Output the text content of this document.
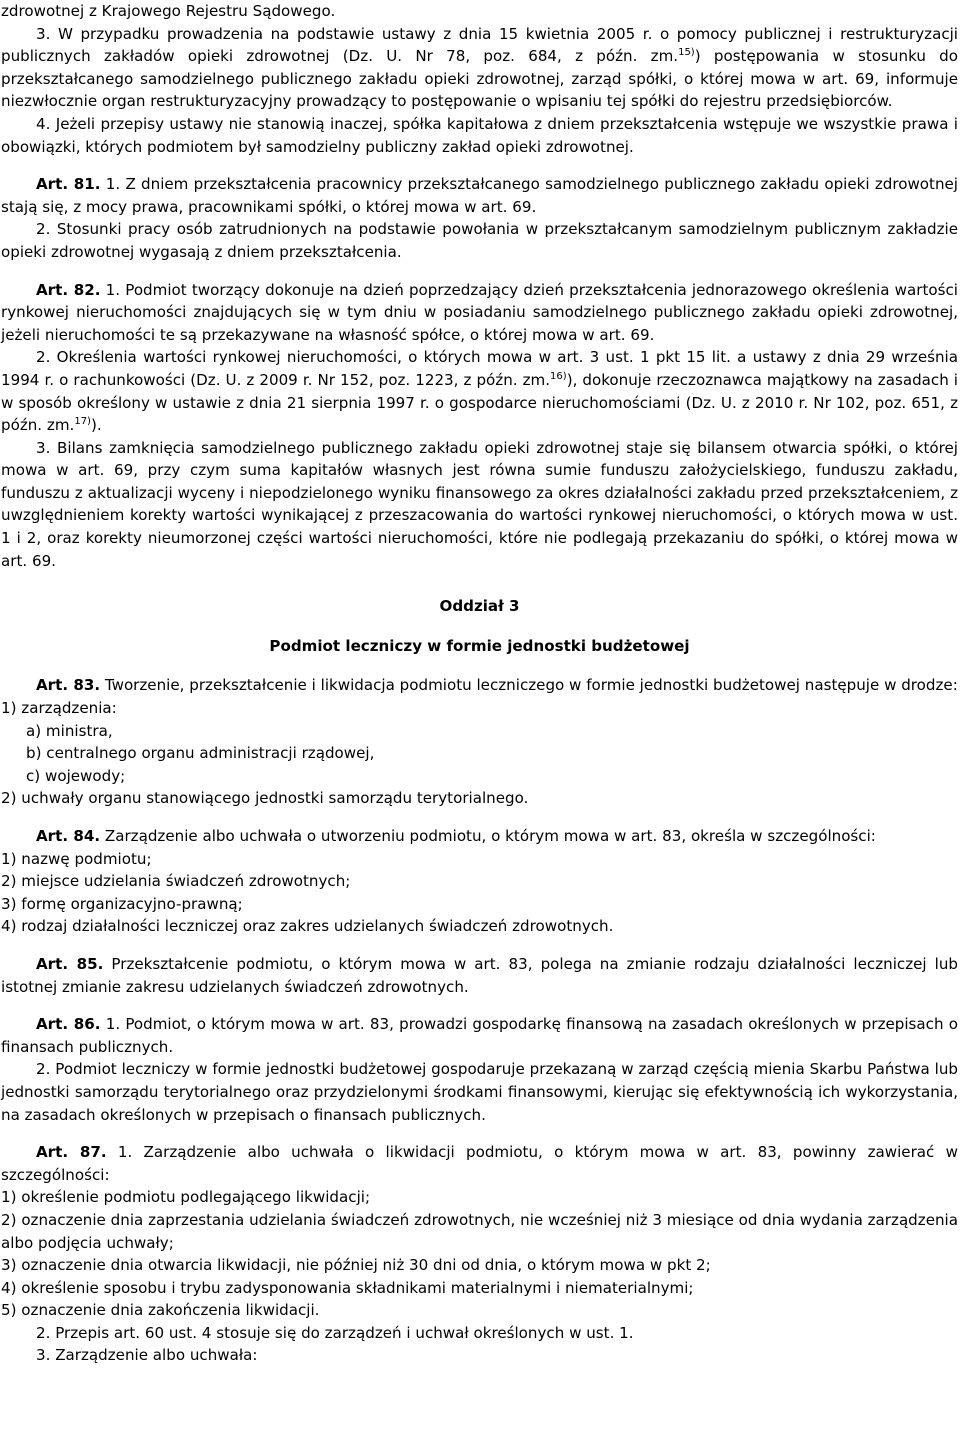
zdrowotnej z Krajowego Rejestru Sądowego.

3. W przypadku prowadzenia na podstawie ustawy z dnia 15 kwietnia 2005 r. o pomocy publicznej i restrukturyzacji publicznych zakładów opieki zdrowotnej (Dz. U. Nr 78, poz. 684, z późn. zm.$^{15)}$) postępowania w stosunku do przekształcanego samodzielnego publicznego zakładu opieki zdrowotnej, zarząd spółki, o której mowa w art. 69, informuje niezwłocznie organ restrukturyzacyjny prowadzący to postępowanie o wpisaniu tej spółki do rejestru przedsiębiorców.

4. Jeżeli przepisy ustawy nie stanowią inaczej, spółka kapitałowa z dniem przekształcenia wstępuje we wszystkie prawa i obowiązki, których podmiotem był samodzielny publiczny zakład opieki zdrowotnej.

Art. 81. 1. Z dniem przekształcenia pracownicy przekształcanego samodzielnego publicznego zakładu opieki zdrowotnej stają się, z mocy prawa, pracownikami spółki, o której mowa w art. 69.

2. Stosunki pracy osób zatrudnionych na podstawie powołania w przekształcanym samodzielnym publicznym zakładzie opieki zdrowotnej wygasają z dniem przekształcenia.

Art. 82. 1. Podmiot tworzący dokonuje na dzień poprzedzający dzień przekształcenia jednorazowego określenia wartości rynkowej nieruchomości znajdujących się w tym dniu w posiadaniu samodzielnego publicznego zakładu opieki zdrowotnej, jeżeli nieruchomości te są przekazywane na własność spółce, o której mowa w art. 69.

2. Określenia wartości rynkowej nieruchomości, o których mowa w art. 3 ust. 1 pkt 15 lit. a ustawy z dnia 29 września 1994 r. o rachunkowości (Dz. U. z 2009 r. Nr 152, poz. 1223, z późn. zm.$^{16)}$), dokonuje rzeczoznawca majątkowy na zasadach i w sposób określony w ustawie z dnia 21 sierpnia 1997 r. o gospodarce nieruchomościami (Dz. U. z 2010 r. Nr 102, poz. 651, z późn. zm.$^{17)}$).

3. Bilans zamknięcia samodzielnego publicznego zakładu opieki zdrowotnej staje się bilansem otwarcia spółki, o której mowa w art. 69, przy czym suma kapitałów własnych jest równa sumie funduszu założycielskiego, funduszu zakładu, funduszu z aktualizacji wyceny i niepodzielonego wyniku finansowego za okres działalności zakładu przed przekształceniem, z uwzględnieniem korekty wartości wynikającej z przeszacowania do wartości rynkowej nieruchomości, o których mowa w ust. 1 i 2, oraz korekty nieumorzonej części wartości nieruchomości, które nie podlegają przekazaniu do spółki, o której mowa w art. 69.

Oddział 3

Podmiot leczniczy w formie jednostki budżetowej

Art. 83. Tworzenie, przekształcenie i likwidacja podmiotu leczniczego w formie jednostki budżetowej następuje w drodze:

1) zarządzenia:

a) ministra,

b) centralnego organu administracji rządowej,

c) wojewody;

2) uchwały organu stanowiącego jednostki samorządu terytorialnego.

Art. 84. Zarządzenie albo uchwała o utworzeniu podmiotu, o którym mowa w art. 83, określa w szczególności:

1) nazwę podmiotu;

2) miejsce udzielania świadczeń zdrowotnych;

3) formę organizacyjno-prawną;

4) rodzaj działalności leczniczej oraz zakres udzielanych świadczeń zdrowotnych.

Art. 85. Przekształcenie podmiotu, o którym mowa w art. 83, polega na zmianie rodzaju działalności leczniczej lub istotnej zmianie zakresu udzielanych świadczeń zdrowotnych.

Art. 86. 1. Podmiot, o którym mowa w art. 83, prowadzi gospodarkę finansową na zasadach określonych w przepisach o finansach publicznych.

2. Podmiot leczniczy w formie jednostki budżetowej gospodaruje przekazaną w zarząd częścią mienia Skarbu Państwa lub jednostki samorządu terytorialnego oraz przydzielonymi środkami finansowymi, kierując się efektywnością ich wykorzystania, na zasadach określonych w przepisach o finansach publicznych.

Art. 87. 1. Zarządzenie albo uchwała o likwidacji podmiotu, o którym mowa w art. 83, powinny zawierać w szczególności:

1) określenie podmiotu podlegającego likwidacji;

2) oznaczenie dnia zaprzestania udzielania świadczeń zdrowotnych, nie wcześniej niż 3 miesiące od dnia wydania zarządzenia albo podjęcia uchwały;

3) oznaczenie dnia otwarcia likwidacji, nie później niż 30 dni od dnia, o którym mowa w pkt 2;

4) określenie sposobu i trybu zadysponowania składnikami materialnymi i niematerialnymi;

5) oznaczenie dnia zakończenia likwidacji.

2. Przepis art. 60 ust. 4 stosuje się do zarządzeń i uchwał określonych w ust. 1.

3. Zarządzenie albo uchwała:
